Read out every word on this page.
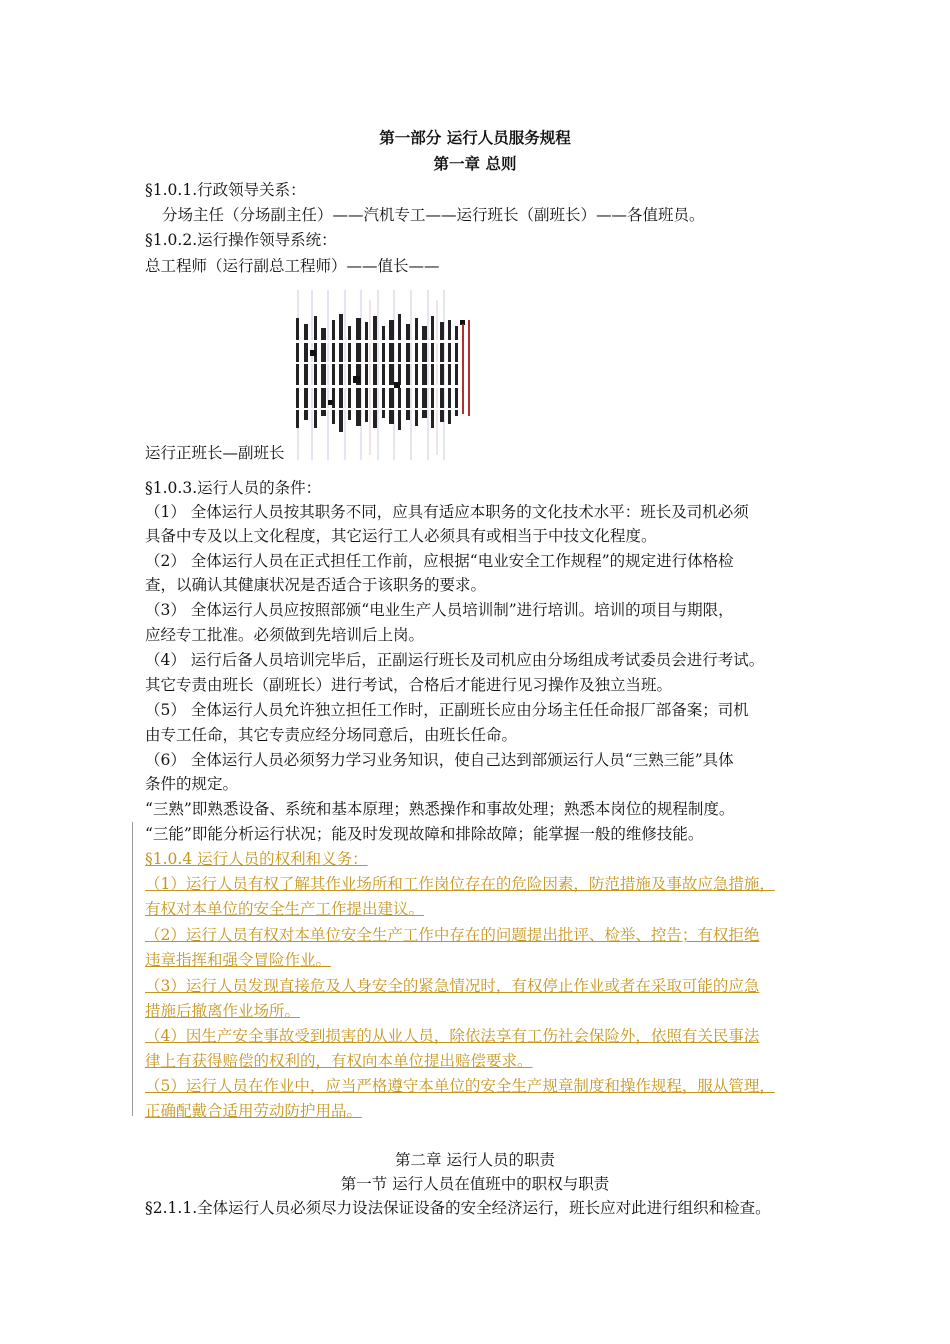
第一部分 运行人员服务规程
第一章 总则
§1.0.1.行政领导关系：
分场主任（分场副主任）——汽机专工——运行班长（副班长）——各值班员。
§1.0.2.运行操作领导系统：
总工程师（运行副总工程师）——值长——
运行正班长—副班长
§1.0.3.运行人员的条件：
（1） 全体运行人员按其职务不同，应具有适应本职务的文化技术水平：班长及司机必须
具备中专及以上文化程度，其它运行工人必须具有或相当于中技文化程度。
（2） 全体运行人员在正式担任工作前，应根据“电业安全工作规程”的规定进行体格检
查，以确认其健康状况是否适合于该职务的要求。
（3） 全体运行人员应按照部颁“电业生产人员培训制”进行培训。培训的项目与期限，
应经专工批准。必须做到先培训后上岗。
（4） 运行后备人员培训完毕后，正副运行班长及司机应由分场组成考试委员会进行考试。
其它专责由班长（副班长）进行考试，合格后才能进行见习操作及独立当班。
（5） 全体运行人员允许独立担任工作时，正副班长应由分场主任任命报厂部备案；司机
由专工任命，其它专责应经分场同意后，由班长任命。
（6） 全体运行人员必须努力学习业务知识，使自己达到部颁运行人员“三熟三能”具体
条件的规定。
“三熟”即熟悉设备、系统和基本原理；熟悉操作和事故处理；熟悉本岗位的规程制度。
“三能”即能分析运行状况；能及时发现故障和排除故障；能掌握一般的维修技能。
§1.0.4 运行人员的权利和义务：
（1）运行人员有权了解其作业场所和工作岗位存在的危险因素，防范措施及事故应急措施，
有权对本单位的安全生产工作提出建议。
（2）运行人员有权对本单位安全生产工作中存在的问题提出批评、检举、控告；有权拒绝
违章指挥和强令冒险作业。
（3）运行人员发现直接危及人身安全的紧急情况时，有权停止作业或者在采取可能的应急
措施后撤离作业场所。
（4）因生产安全事故受到损害的从业人员，除依法享有工伤社会保险外，依照有关民事法
律上有获得赔偿的权利的，有权向本单位提出赔偿要求。
（5）运行人员在作业中，应当严格遵守本单位的安全生产规章制度和操作规程，服从管理，
正确配戴合适用劳动防护用品。
第二章 运行人员的职责
第一节 运行人员在值班中的职权与职责
§2.1.1.全体运行人员必须尽力设法保证设备的安全经济运行，班长应对此进行组织和检查。
